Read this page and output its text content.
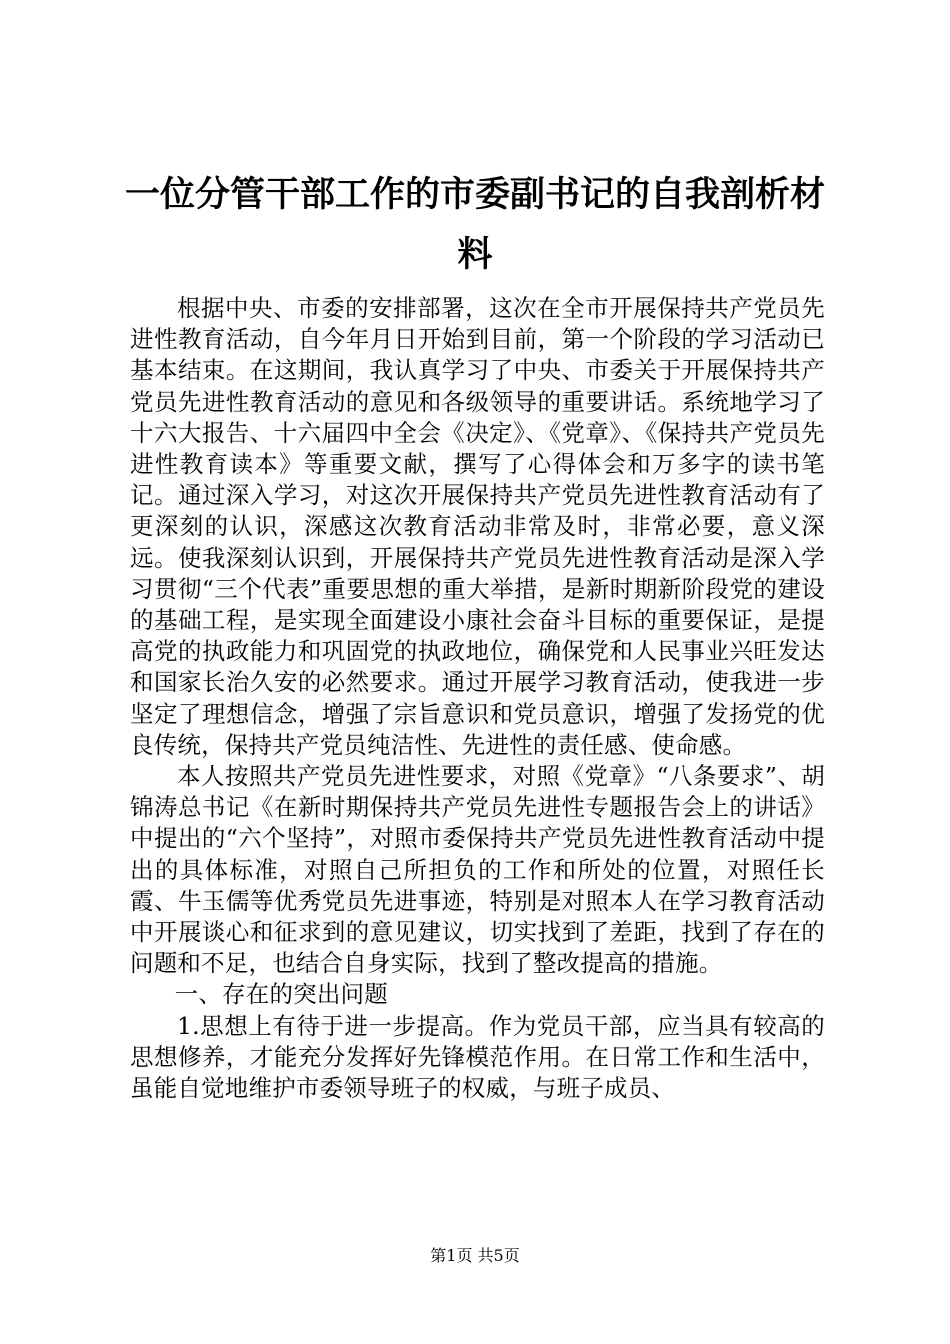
一位分管干部工作的市委副书记的自我剖析材料

根据中央、市委的安排部署，这次在全市开展保持共产党员先进性教育活动，自今年月日开始到目前，第一个阶段的学习活动已基本结束。在这期间，我认真学习了中央、市委关于开展保持共产党员先进性教育活动的意见和各级领导的重要讲话。系统地学习了十六大报告、十六届四中全会《决定》、《党章》、《保持共产党员先进性教育读本》等重要文献，撰写了心得体会和万多字的读书笔记。通过深入学习，对这次开展保持共产党员先进性教育活动有了更深刻的认识，深感这次教育活动非常及时，非常必要，意义深远。使我深刻认识到，开展保持共产党员先进性教育活动是深入学习贯彻“三个代表”重要思想的重大举措，是新时期新阶段党的建设的基础工程，是实现全面建设小康社会奋斗目标的重要保证，是提高党的执政能力和巩固党的执政地位，确保党和人民事业兴旺发达和国家长治久安的必然要求。通过开展学习教育活动，使我进一步坚定了理想信念，增强了宗旨意识和党员意识，增强了发扬党的优良传统，保持共产党员纯洁性、先进性的责任感、使命感。

本人按照共产党员先进性要求，对照《党章》“八条要求”、胡锦涛总书记《在新时期保持共产党员先进性专题报告会上的讲话》中提出的“六个坚持”，对照市委保持共产党员先进性教育活动中提出的具体标准，对照自己所担负的工作和所处的位置，对照任长霞、牛玉儒等优秀党员先进事迹，特别是对照本人在学习教育活动中开展谈心和征求到的意见建议，切实找到了差距，找到了存在的问题和不足，也结合自身实际，找到了整改提高的措施。

一、存在的突出问题

1.思想上有待于进一步提高。作为党员干部，应当具有较高的思想修养，才能充分发挥好先锋模范作用。在日常工作和生活中，虽能自觉地维护市委领导班子的权威，与班子成员、

第1页 共5页
